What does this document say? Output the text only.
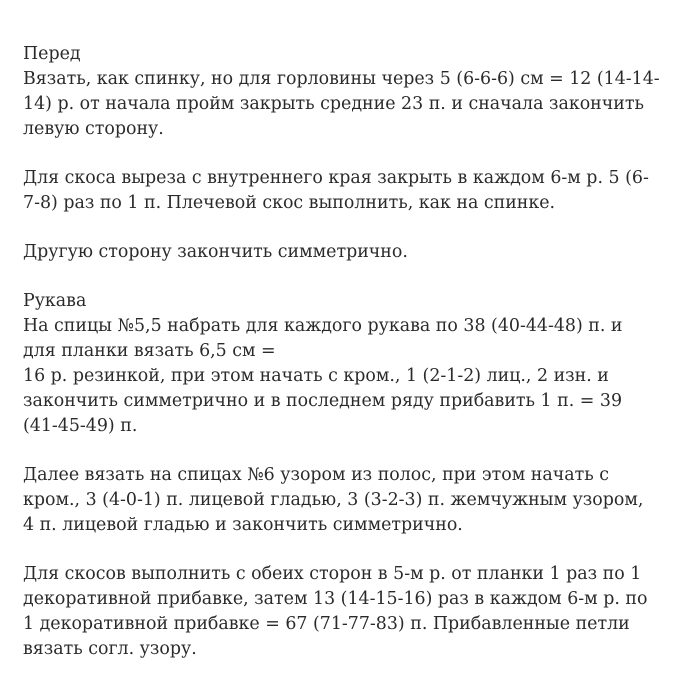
Перед

Вязать, как спинку, но для горловины через 5 (6-6-6) см = 12 (14-14-

14) р. от начала пройм закрыть средние 23 п. и сначала закончить

левую сторону.

Для скоса выреза с внутреннего края закрыть в каждом 6-м р. 5 (6-

7-8) раз по 1 п. Плечевой скос выполнить, как на спинке.

Другую сторону закончить симметрично.

Рукава

На спицы №5,5 набрать для каждого рукава по 38 (40-44-48) п. и

для планки вязать 6,5 см =

16 р. резинкой, при этом начать с кром., 1 (2-1-2) лиц., 2 изн. и

закончить симметрично и в последнем ряду прибавить 1 п. = 39

(41-45-49) п.

Далее вязать на спицах №6 узором из полос, при этом начать с

кром., 3 (4-0-1) п. лицевой гладью, 3 (3-2-3) п. жемчужным узором,

4 п. лицевой гладью и закончить симметрично.

Для скосов выполнить с обеих сторон в 5-м р. от планки 1 раз по 1

декоративной прибавке, затем 13 (14-15-16) раз в каждом 6-м р. по

1 декоративной прибавке = 67 (71-77-83) п. Прибавленные петли

вязать согл. узору.
